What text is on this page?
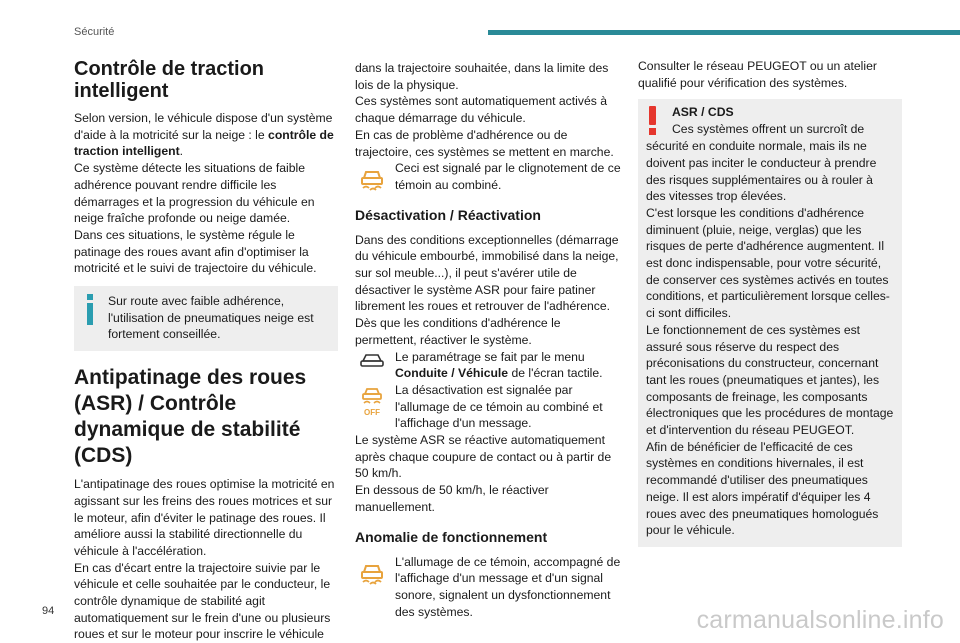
Sécurité
Contrôle de traction intelligent

Selon version, le véhicule dispose d'un système d'aide à la motricité sur la neige : le contrôle de traction intelligent.

Ce système détecte les situations de faible adhérence pouvant rendre difficile les démarrages et la progression du véhicule en neige fraîche profonde ou neige damée.

Dans ces situations, le système régule le patinage des roues avant afin d'optimiser la motricité et le suivi de trajectoire du véhicule.

Sur route avec faible adhérence, l'utilisation de pneumatiques neige est fortement conseillée.
Antipatinage des roues (ASR) / Contrôle dynamique de stabilité (CDS)

L'antipatinage des roues optimise la motricité en agissant sur les freins des roues motrices et sur le moteur, afin d'éviter le patinage des roues. Il améliore aussi la stabilité directionnelle du véhicule à l'accélération.

En cas d'écart entre la trajectoire suivie par le véhicule et celle souhaitée par le conducteur, le contrôle dynamique de stabilité agit automatiquement sur le frein d'une ou plusieurs roues et sur le moteur pour inscrire le véhicule

dans la trajectoire souhaitée, dans la limite des lois de la physique.

Ces systèmes sont automatiquement activés à chaque démarrage du véhicule.

En cas de problème d'adhérence ou de trajectoire, ces systèmes se mettent en marche.

Ceci est signalé par le clignotement de ce témoin au combiné.

Désactivation / Réactivation

Dans des conditions exceptionnelles (démarrage du véhicule embourbé, immobilisé dans la neige, sur sol meuble...), il peut s'avérer utile de désactiver le système ASR pour faire patiner librement les roues et retrouver de l'adhérence.

Dès que les conditions d'adhérence le permettent, réactiver le système.

Le paramétrage se fait par le menu Conduite / Véhicule de l'écran tactile.

OFF

La désactivation est signalée par l'allumage de ce témoin au combiné et l'affichage d'un message.

Le système ASR se réactive automatiquement après chaque coupure de contact ou à partir de 50 km/h.

En dessous de 50 km/h, le réactiver manuellement.

Anomalie de fonctionnement

L'allumage de ce témoin, accompagné de l'affichage d'un message et d'un signal sonore, signalent un dysfonctionnement des systèmes.

Consulter le réseau PEUGEOT ou un atelier qualifié pour vérification des systèmes.

ASR / CDS

Ces systèmes offrent un surcroît de sécurité en conduite normale, mais ils ne doivent pas inciter le conducteur à prendre des risques supplémentaires ou à rouler à des vitesses trop élevées.

C'est lorsque les conditions d'adhérence diminuent (pluie, neige, verglas) que les risques de perte d'adhérence augmentent. Il est donc indispensable, pour votre sécurité, de conserver ces systèmes activés en toutes conditions, et particulièrement lorsque celles-ci sont difficiles.

Le fonctionnement de ces systèmes est assuré sous réserve du respect des préconisations du constructeur, concernant tant les roues (pneumatiques et jantes), les composants de freinage, les composants électroniques que les procédures de montage et d'intervention du réseau PEUGEOT.

Afin de bénéficier de l'efficacité de ces systèmes en conditions hivernales, il est recommandé d'utiliser des pneumatiques neige. Il est alors impératif d'équiper les 4 roues avec des pneumatiques homologués pour le véhicule.

94	carmanualsonline.info
